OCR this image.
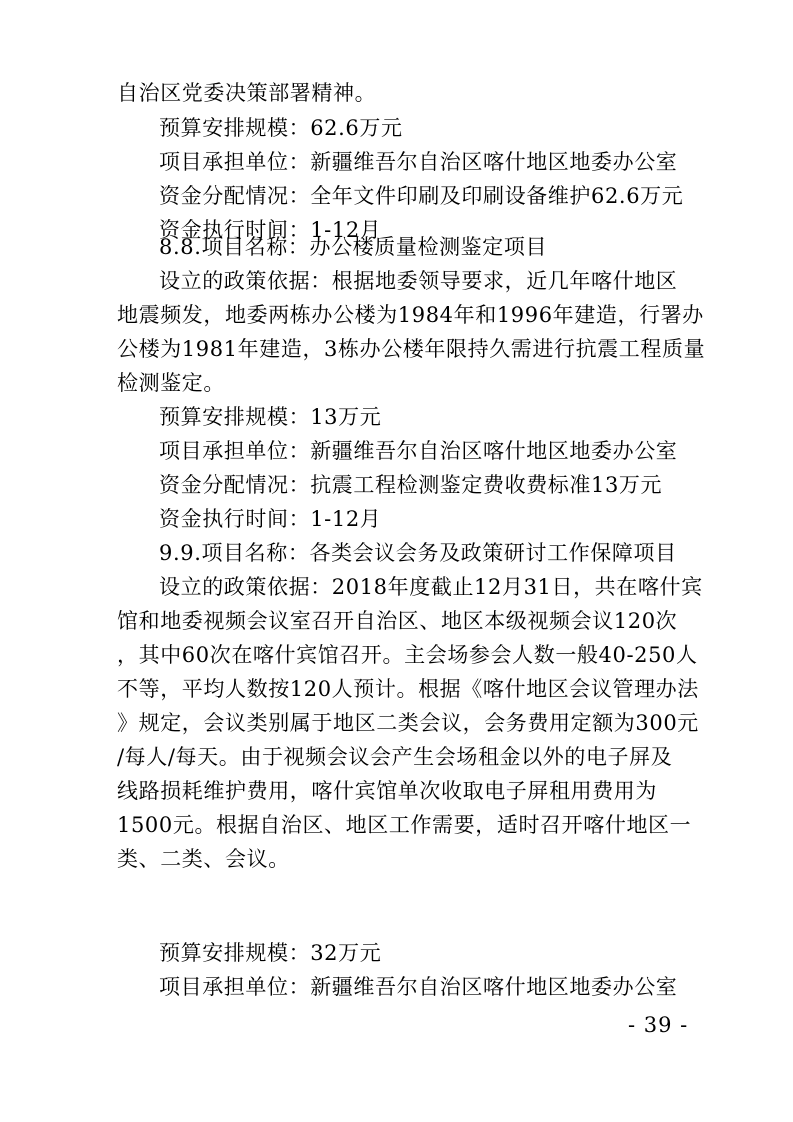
自治区党委决策部署精神。
预算安排规模：62.6万元
项目承担单位：新疆维吾尔自治区喀什地区地委办公室
资金分配情况：全年文件印刷及印刷设备维护62.6万元
资金执行时间：1-12月
8.8.项目名称：办公楼质量检测鉴定项目
设立的政策依据：根据地委领导要求，近几年喀什地区
地震频发，地委两栋办公楼为1984年和1996年建造，行署办
公楼为1981年建造，3栋办公楼年限持久需进行抗震工程质量
检测鉴定。
预算安排规模：13万元
项目承担单位：新疆维吾尔自治区喀什地区地委办公室
资金分配情况：抗震工程检测鉴定费收费标准13万元
资金执行时间：1-12月
9.9.项目名称：各类会议会务及政策研讨工作保障项目
设立的政策依据：2018年度截止12月31日，共在喀什宾
馆和地委视频会议室召开自治区、地区本级视频会议120次
，其中60次在喀什宾馆召开。主会场参会人数一般40-250人
不等，平均人数按120人预计。根据《喀什地区会议管理办法
》规定，会议类别属于地区二类会议，会务费用定额为300元
/每人/每天。由于视频会议会产生会场租金以外的电子屏及
线路损耗维护费用，喀什宾馆单次收取电子屏租用费用为
1500元。根据自治区、地区工作需要，适时召开喀什地区一
类、二类、会议。
预算安排规模：32万元
项目承担单位：新疆维吾尔自治区喀什地区地委办公室
- 39 -
